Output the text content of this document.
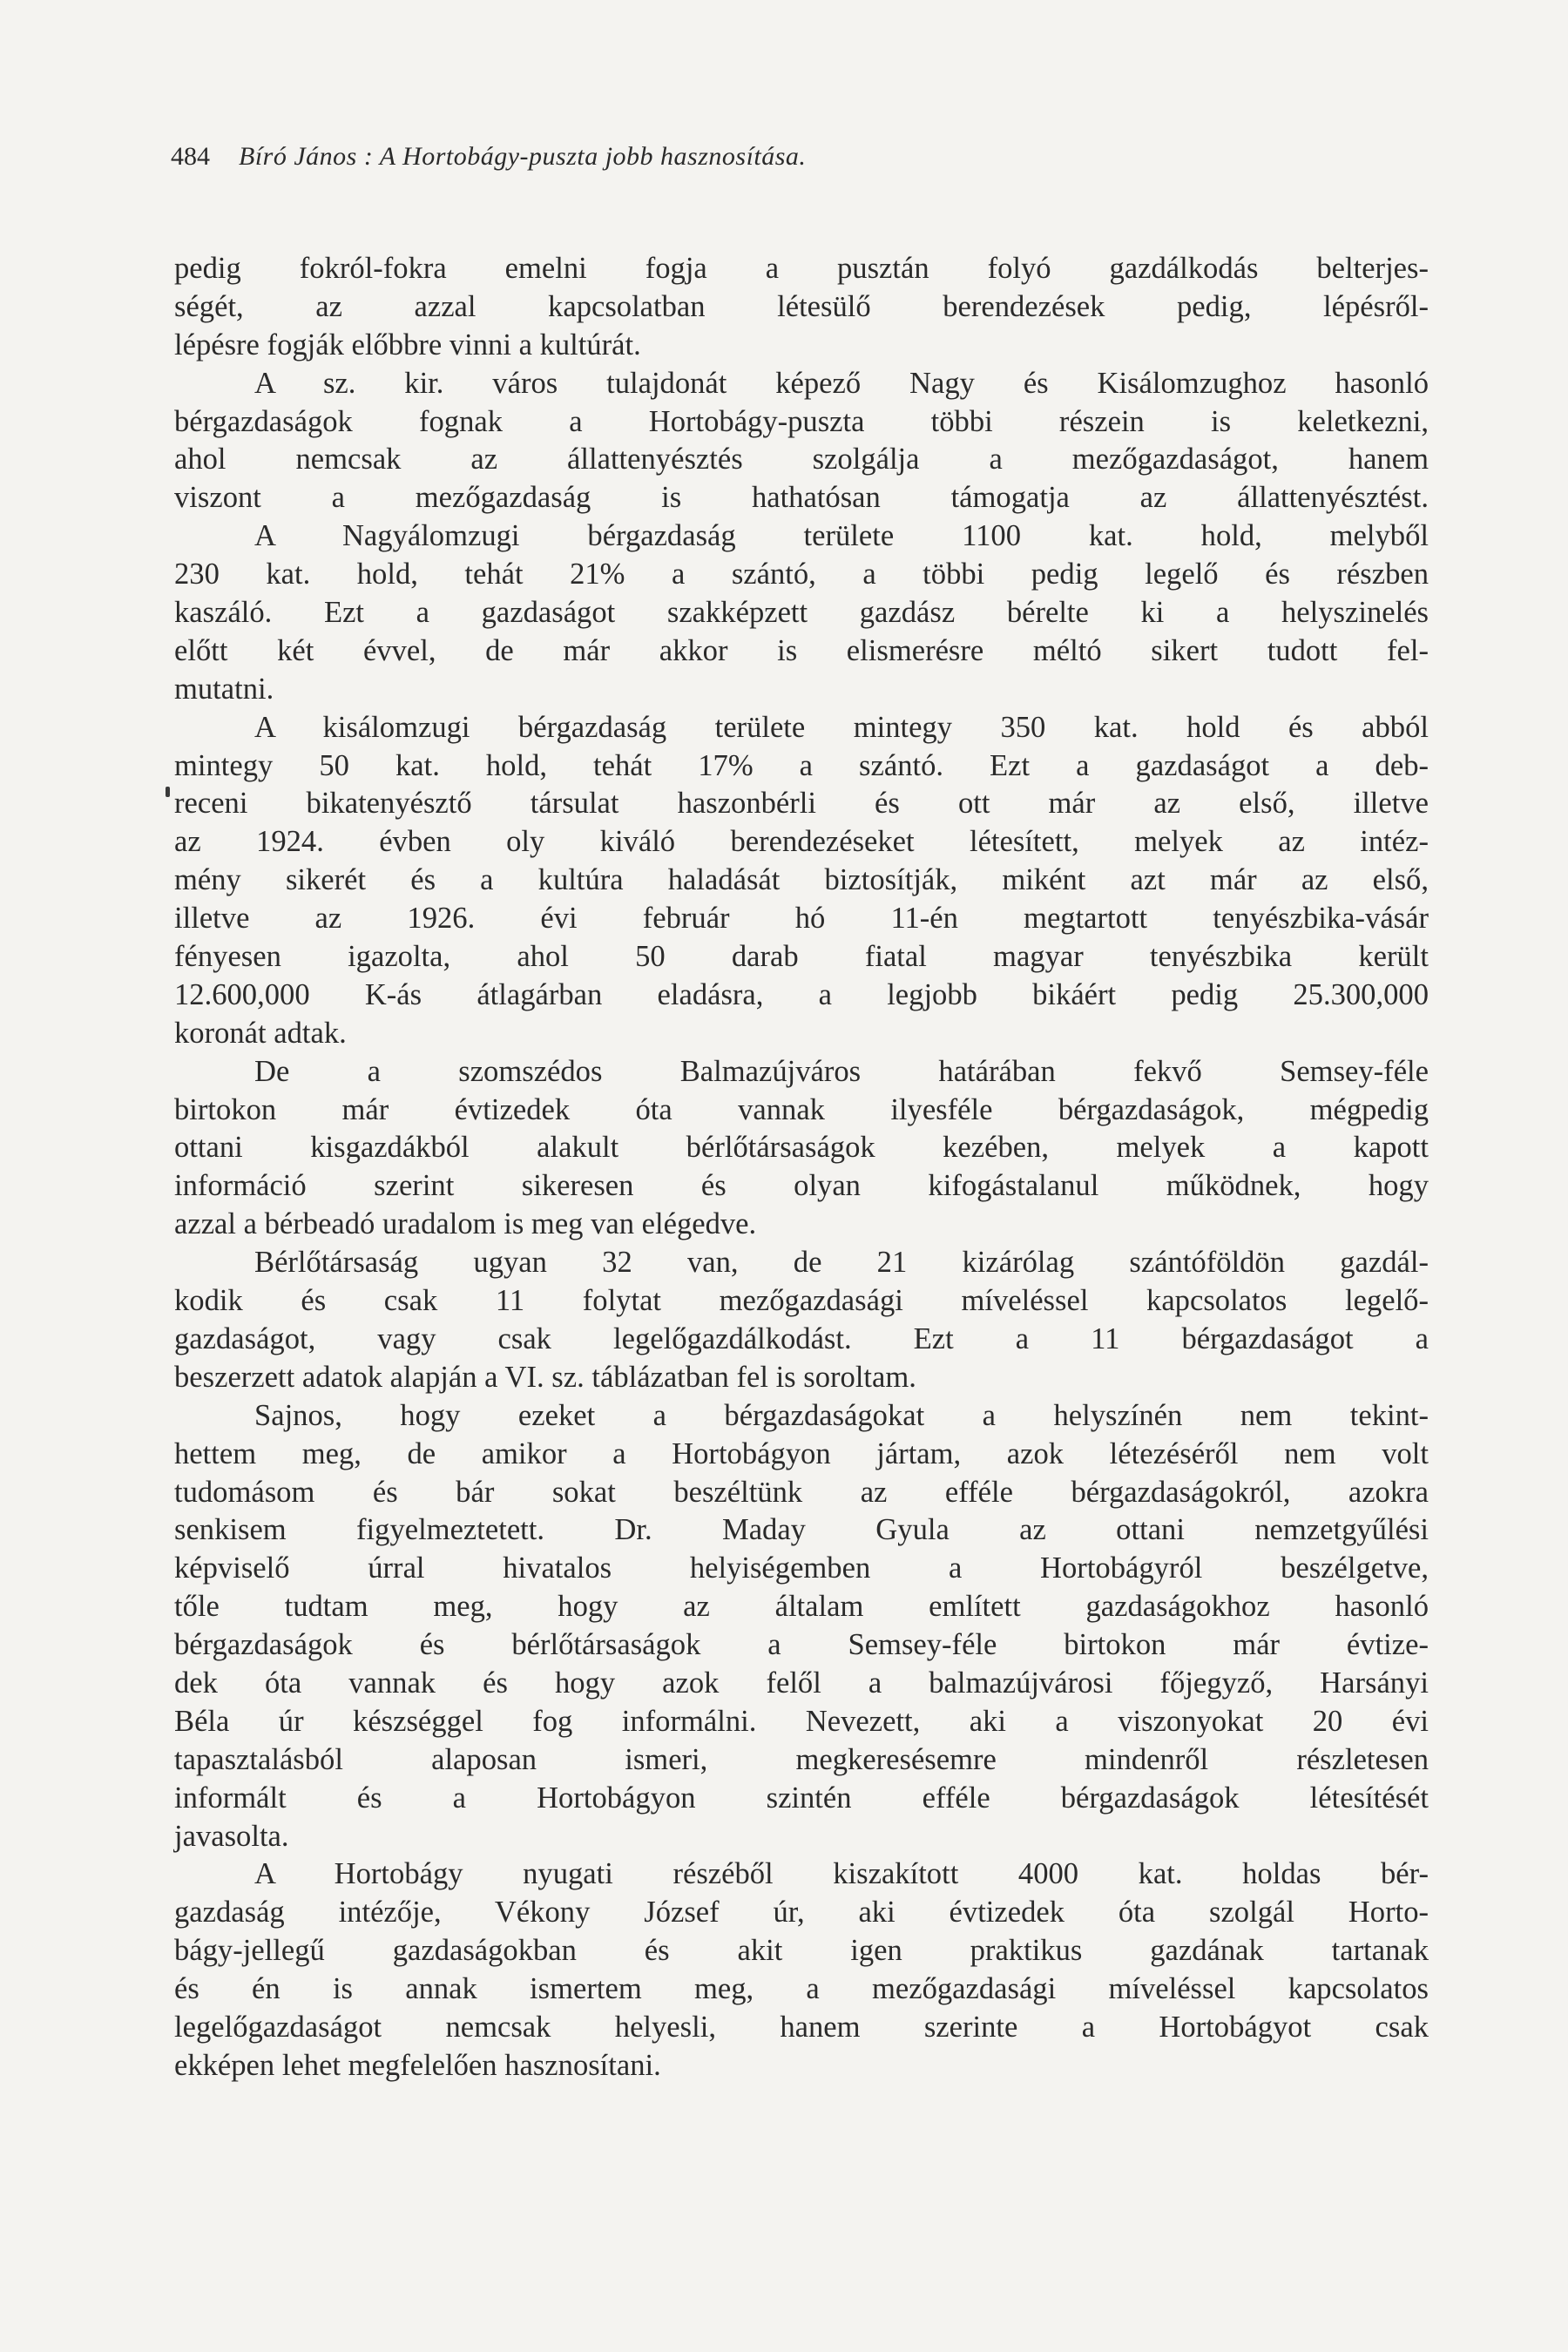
484 Bíró János : A Hortobágy-puszta jobb hasznosítása.
pedig fokról-fokra emelni fogja a pusztán folyó gazdálkodás belterjes-
ségét, az azzal kapcsolatban létesülő berendezések pedig, lépésről-
lépésre fogják előbbre vinni a kultúrát.
A sz. kir. város tulajdonát képező Nagy és Kisálomzughoz hasonló
bérgazdaságok fognak a Hortobágy-puszta többi részein is keletkezni,
ahol nemcsak az állattenyésztés szolgálja a mezőgazdaságot, hanem
viszont a mezőgazdaság is hathatósan támogatja az állattenyésztést.
A Nagyálomzugi bérgazdaság területe 1100 kat. hold, melyből
230 kat. hold, tehát 21% a szántó, a többi pedig legelő és részben
kaszáló. Ezt a gazdaságot szakképzett gazdász bérelte ki a helyszinelés
előtt két évvel, de már akkor is elismerésre méltó sikert tudott fel-
mutatni.
A kisálomzugi bérgazdaság területe mintegy 350 kat. hold és abból
mintegy 50 kat. hold, tehát 17% a szántó. Ezt a gazdaságot a deb-
receni bikatenyésztő társulat haszonbérli és ott már az első, illetve
az 1924. évben oly kiváló berendezéseket létesített, melyek az intéz-
mény sikerét és a kultúra haladását biztosítják, miként azt már az első,
illetve az 1926. évi február hó 11-én megtartott tenyészbika-vásár
fényesen igazolta, ahol 50 darab fiatal magyar tenyészbika került
12.600,000 K-ás átlagárban eladásra, a legjobb bikáért pedig 25.300,000
koronát adtak.
De a szomszédos Balmazújváros határában fekvő Semsey-féle
birtokon már évtizedek óta vannak ilyesféle bérgazdaságok, mégpedig
ottani kisgazdákból alakult bérlőtársaságok kezében, melyek a kapott
információ szerint sikeresen és olyan kifogástalanul működnek, hogy
azzal a bérbeadó uradalom is meg van elégedve.
Bérlőtársaság ugyan 32 van, de 21 kizárólag szántóföldön gazdál-
kodik és csak 11 folytat mezőgazdasági míveléssel kapcsolatos legelő-
gazdaságot, vagy csak legelőgazdálkodást. Ezt a 11 bérgazdaságot a
beszerzett adatok alapján a VI. sz. táblázatban fel is soroltam.
Sajnos, hogy ezeket a bérgazdaságokat a helyszínén nem tekint-
hettem meg, de amikor a Hortobágyon jártam, azok létezéséről nem volt
tudomásom és bár sokat beszéltünk az efféle bérgazdaságokról, azokra
senkisem figyelmeztetett. Dr. Maday Gyula az ottani nemzetgyűlési
képviselő úrral hivatalos helyiségemben a Hortobágyról beszélgetve,
tőle tudtam meg, hogy az általam említett gazdaságokhoz hasonló
bérgazdaságok és bérlőtársaságok a Semsey-féle birtokon már évtize-
dek óta vannak és hogy azok felől a balmazújvárosi főjegyző, Harsányi
Béla úr készséggel fog informálni. Nevezett, aki a viszonyokat 20 évi
tapasztalásból alaposan ismeri, megkeresésemre mindenről részletesen
informált és a Hortobágyon szintén efféle bérgazdaságok létesítését
javasolta.
A Hortobágy nyugati részéből kiszakított 4000 kat. holdas bér-
gazdaság intézője, Vékony József úr, aki évtizedek óta szolgál Horto-
bágy-jellegű gazdaságokban és akit igen praktikus gazdának tartanak
és én is annak ismertem meg, a mezőgazdasági míveléssel kapcsolatos
legelőgazdaságot nemcsak helyesli, hanem szerinte a Hortobágyot csak
ekképen lehet megfelelően hasznosítani.
